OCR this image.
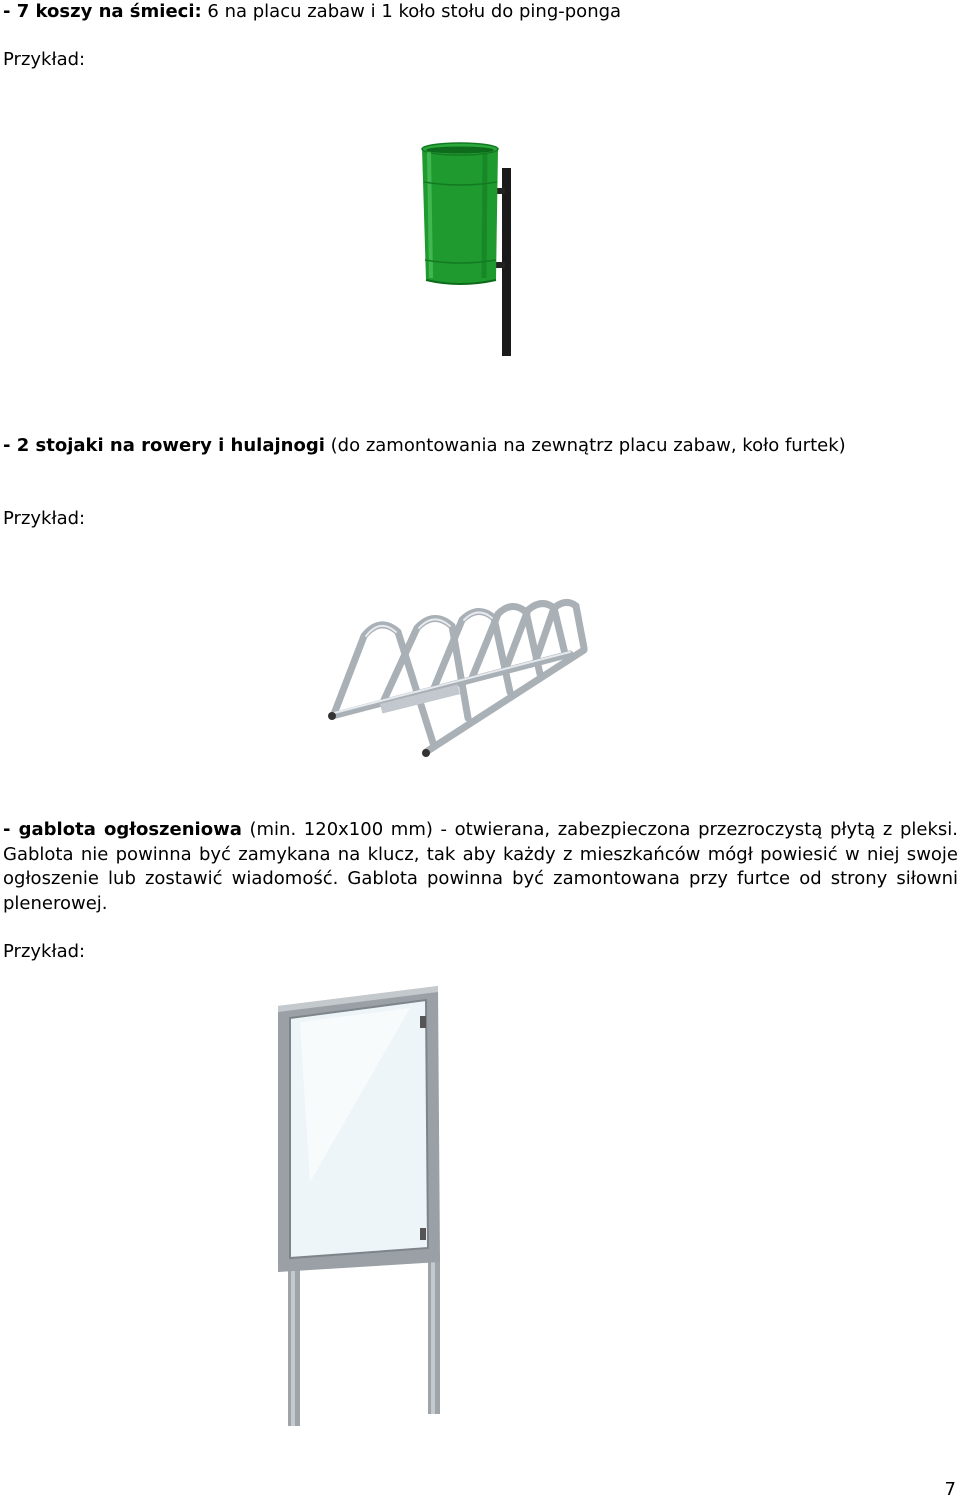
- 7 koszy na śmieci: 6 na placu zabaw i 1 koło stołu do ping-ponga
Przykład:
- 2 stojaki na rowery i hulajnogi (do zamontowania na zewnątrz placu zabaw, koło furtek)
Przykład:
- gablota ogłoszeniowa (min. 120x100 mm) - otwierana, zabezpieczona przezroczystą płytą z pleksi. Gablota nie powinna być zamykana na klucz, tak aby każdy z mieszkańców mógł powiesić w niej swoje ogłoszenie lub zostawić wiadomość. Gablota powinna być zamontowana przy furtce od strony siłowni plenerowej.
Przykład:
7
